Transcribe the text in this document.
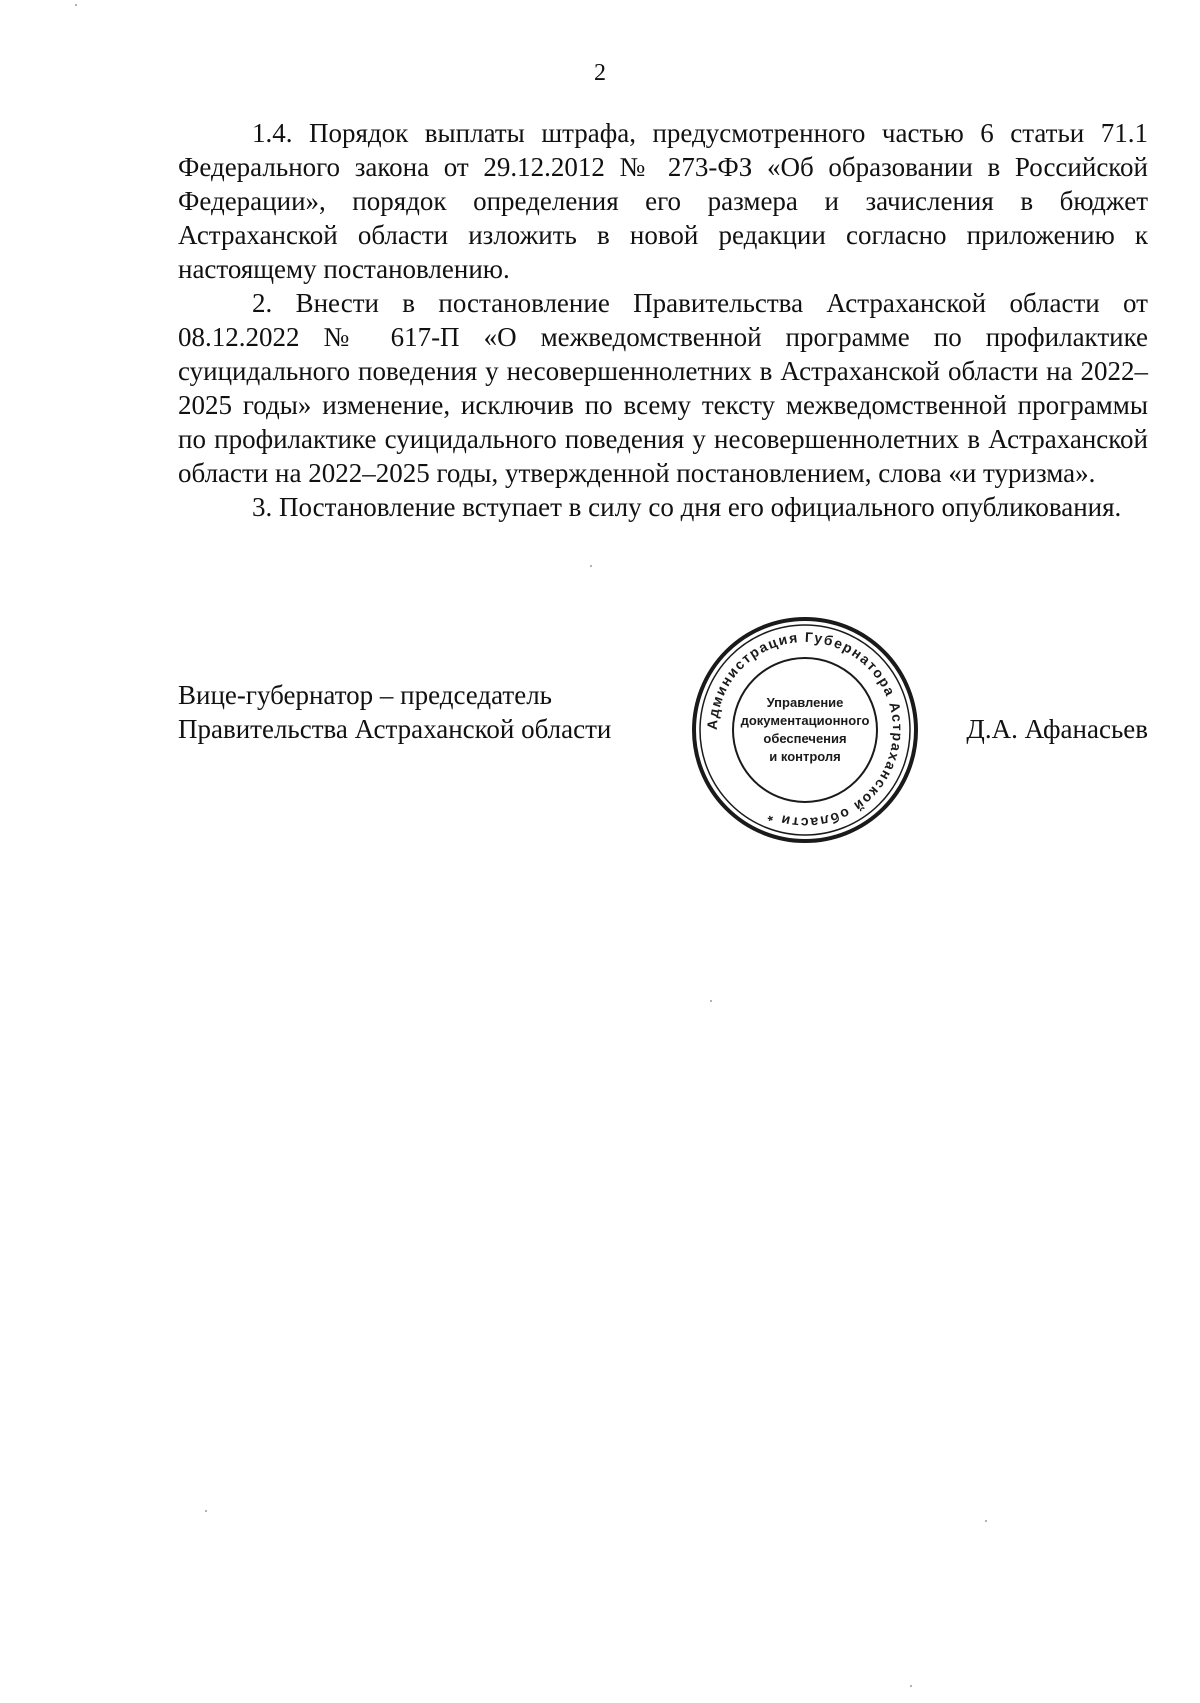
2

1.4. Порядок выплаты штрафа, предусмотренного частью 6 статьи 71.1 Федерального закона от 29.12.2012 № 273-ФЗ «Об образовании в Российской Федерации», порядок определения его размера и зачисления в бюджет Астраханской области изложить в новой редакции согласно приложению к настоящему постановлению.

2. Внести в постановление Правительства Астраханской области от 08.12.2022 № 617-П «О межведомственной программе по профилактике суицидального поведения у несовершеннолетних в Астраханской области на 2022–2025 годы» изменение, исключив по всему тексту межведомственной программы по профилактике суицидального поведения у несовершеннолетних в Астраханской области на 2022–2025 годы, утвержденной постановлением, слова «и туризма».

3. Постановление вступает в силу со дня его официального опубликования.

Вице-губернатор – председатель
Правительства Астраханской области	Администрация Губернатора Астраханской области *
Управление
документационного
обеспечения
и контроля
Д.А. Афанасьев
